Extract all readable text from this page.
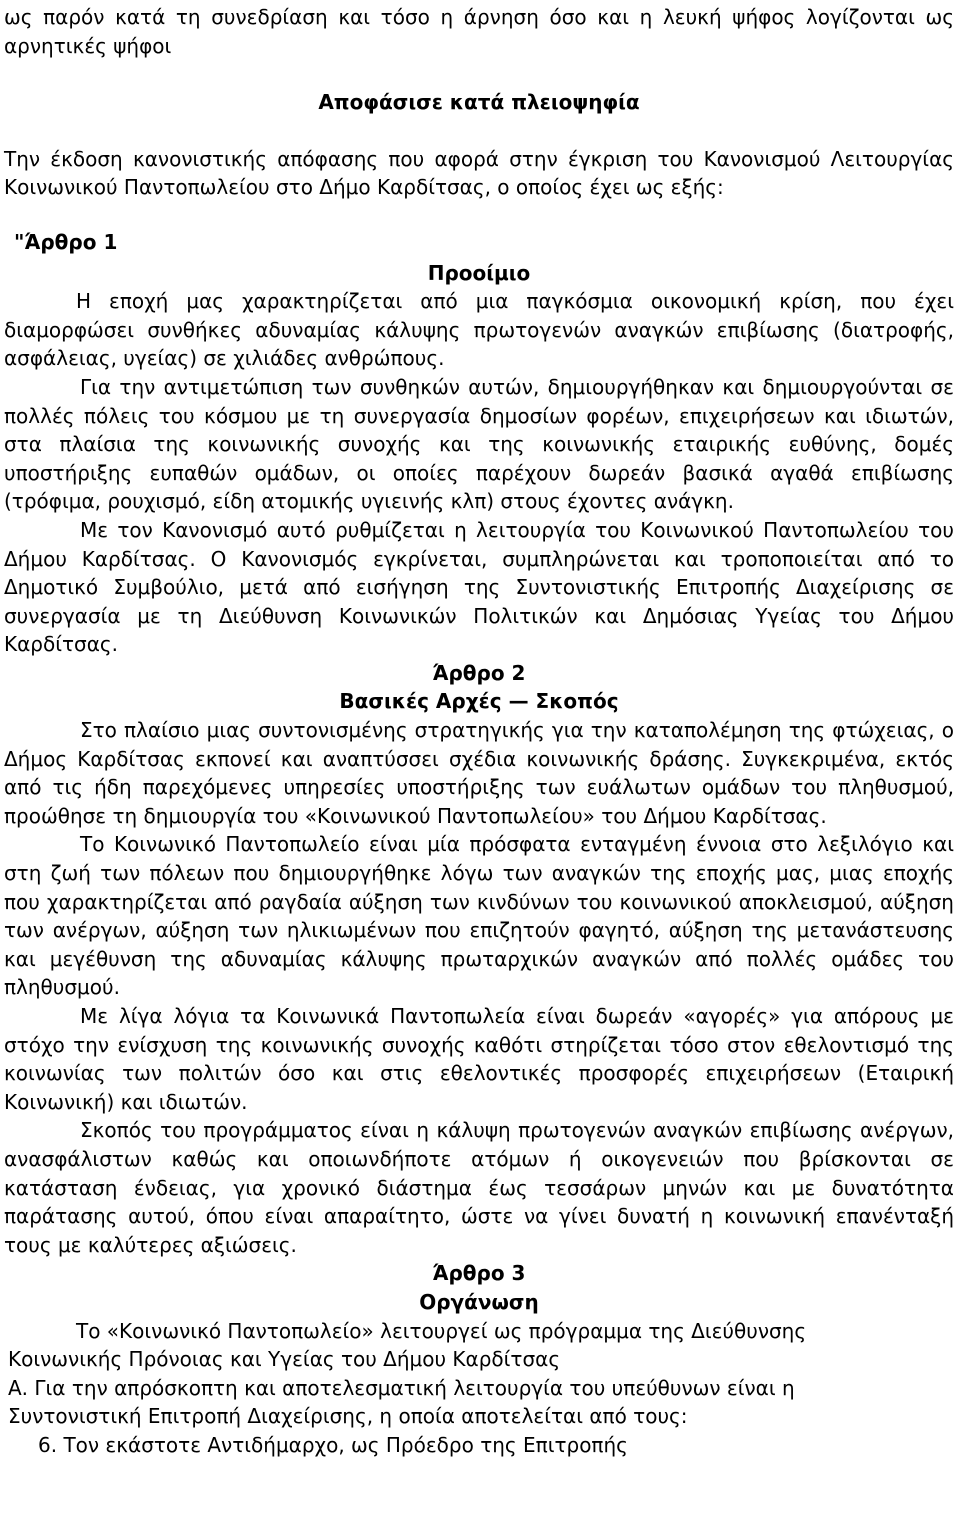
ως παρόν κατά τη συνεδρίαση και τόσο η άρνηση όσο και η λευκή ψήφος λογίζονται ως αρνητικές ψήφοι

Αποφάσισε κατά πλειοψηφία

Την έκδοση κανονιστικής απόφασης που αφορά στην έγκριση του Κανονισμού Λειτουργίας Κοινωνικού Παντοπωλείου στο Δήμο Καρδίτσας, ο οποίος έχει ως εξής:

"Άρθρο 1

Προοίμιο

Η εποχή μας χαρακτηρίζεται από μια παγκόσμια οικονομική κρίση, που έχει διαμορφώσει συνθήκες αδυναμίας κάλυψης πρωτογενών αναγκών επιβίωσης (διατροφής, ασφάλειας, υγείας) σε χιλιάδες ανθρώπους.

Για την αντιμετώπιση των συνθηκών αυτών, δημιουργήθηκαν και δημιουργούνται σε πολλές πόλεις του κόσμου με τη συνεργασία δημοσίων φορέων, επιχειρήσεων και ιδιωτών, στα πλαίσια της κοινωνικής συνοχής και της κοινωνικής εταιρικής ευθύνης, δομές υποστήριξης ευπαθών ομάδων, οι οποίες παρέχουν δωρεάν βασικά αγαθά επιβίωσης (τρόφιμα, ρουχισμό, είδη ατομικής υγιεινής κλπ) στους έχοντες ανάγκη.

Με τον Κανονισμό αυτό ρυθμίζεται η λειτουργία του Κοινωνικού Παντοπωλείου του Δήμου Καρδίτσας. Ο Κανονισμός εγκρίνεται, συμπληρώνεται και τροποποιείται από το Δημοτικό Συμβούλιο, μετά από εισήγηση της Συντονιστικής Επιτροπής Διαχείρισης σε συνεργασία με τη Διεύθυνση Κοινωνικών Πολιτικών και Δημόσιας Υγείας του Δήμου Καρδίτσας.

Άρθρο 2

Βασικές Αρχές — Σκοπός

Στο πλαίσιο μιας συντονισμένης στρατηγικής για την καταπολέμηση της φτώχειας, ο Δήμος Καρδίτσας εκπονεί και αναπτύσσει σχέδια κοινωνικής δράσης. Συγκεκριμένα, εκτός από τις ήδη παρεχόμενες υπηρεσίες υποστήριξης των ευάλωτων ομάδων του πληθυσμού, προώθησε τη δημιουργία του «Κοινωνικού Παντοπωλείου» του Δήμου Καρδίτσας.

Το Κοινωνικό Παντοπωλείο είναι μία πρόσφατα ενταγμένη έννοια στο λεξιλόγιο και στη ζωή των πόλεων που δημιουργήθηκε λόγω των αναγκών της εποχής μας, μιας εποχής που χαρακτηρίζεται από ραγδαία αύξηση των κινδύνων του κοινωνικού αποκλεισμού, αύξηση των ανέργων, αύξηση των ηλικιωμένων που επιζητούν φαγητό, αύξηση της μετανάστευσης και μεγέθυνση της αδυναμίας κάλυψης πρωταρχικών αναγκών από πολλές ομάδες του πληθυσμού.

Με λίγα λόγια τα Κοινωνικά Παντοπωλεία είναι δωρεάν «αγορές» για απόρους με στόχο την ενίσχυση της κοινωνικής συνοχής καθότι στηρίζεται τόσο στον εθελοντισμό της κοινωνίας των πολιτών όσο και στις εθελοντικές προσφορές επιχειρήσεων (Εταιρική Κοινωνική) και ιδιωτών.

Σκοπός του προγράμματος είναι η κάλυψη πρωτογενών αναγκών επιβίωσης ανέργων, ανασφάλιστων καθώς και οποιωνδήποτε ατόμων ή οικογενειών που βρίσκονται σε κατάσταση ένδειας, για χρονικό διάστημα έως τεσσάρων μηνών και με δυνατότητα παράτασης αυτού, όπου είναι απαραίτητο, ώστε να γίνει δυνατή η κοινωνική επανένταξή τους με καλύτερες αξιώσεις.

Άρθρο 3

Οργάνωση

Το «Κοινωνικό Παντοπωλείο» λειτουργεί ως πρόγραμμα της Διεύθυνσης

Κοινωνικής Πρόνοιας και Υγείας του Δήμου Καρδίτσας

Α. Για την απρόσκοπτη και αποτελεσματική λειτουργία του υπεύθυνων είναι η

Συντονιστική Επιτροπή Διαχείρισης, η οποία αποτελείται από τους:

6. Τον εκάστοτε Αντιδήμαρχο, ως Πρόεδρο της Επιτροπής
